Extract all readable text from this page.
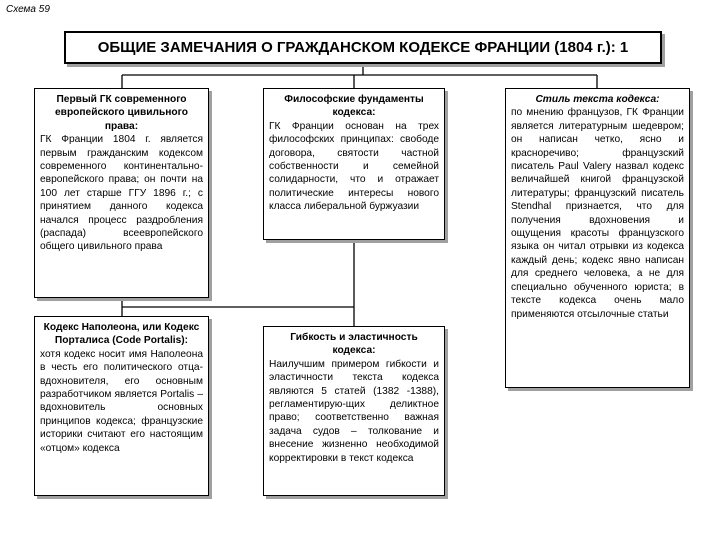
Схема 59
ОБЩИЕ ЗАМЕЧАНИЯ О ГРАЖДАНСКОМ КОДЕКСЕ ФРАНЦИИ (1804 г.): 1
Первый ГК современного европейского цивильного права:
ГК Франции 1804 г. является первым гражданским кодексом современного континентально-европейского права; он почти на 100 лет старше ГГУ 1896 г.; с принятием данного кодекса начался процесс раздробления (распада) всеевропейского общего цивильного права
Кодекс Наполеона, или Кодекс Порталиса (Code Portalis):
хотя кодекс носит имя Наполеона в честь его политического отца-вдохновителя, его основным разработчиком является Portalis – вдохновитель основных принципов кодекса; французские историки считают его настоящим «отцом» кодекса
Философские фундаменты кодекса:
ГК Франции основан на трех философских принципах: свободе договора, святости частной собственности и семейной солидарности, что и отражает политические интересы нового класса либеральной буржуазии
Гибкость и эластичность кодекса:
Наилучшим примером гибкости и эластичности текста кодекса являются 5 статей (1382 -1388), регламентирую-щих деликтное право; соответственно важная задача судов – толкование и внесение жизненно необходимой корректировки в текст кодекса
Стиль текста кодекса:
по мнению французов, ГК Франции является литературным шедевром; он написан четко, ясно и красноречиво; французский писатель Paul Valery назвал кодекс величайшей книгой французской литературы; французский писатель Stendhal признается, что для получения вдохновения и ощущения красоты французского языка он читал отрывки из кодекса каждый день; кодекс явно написан для среднего человека, а не для специально обученного юриста; в тексте кодекса очень мало применяются отсылочные статьи
